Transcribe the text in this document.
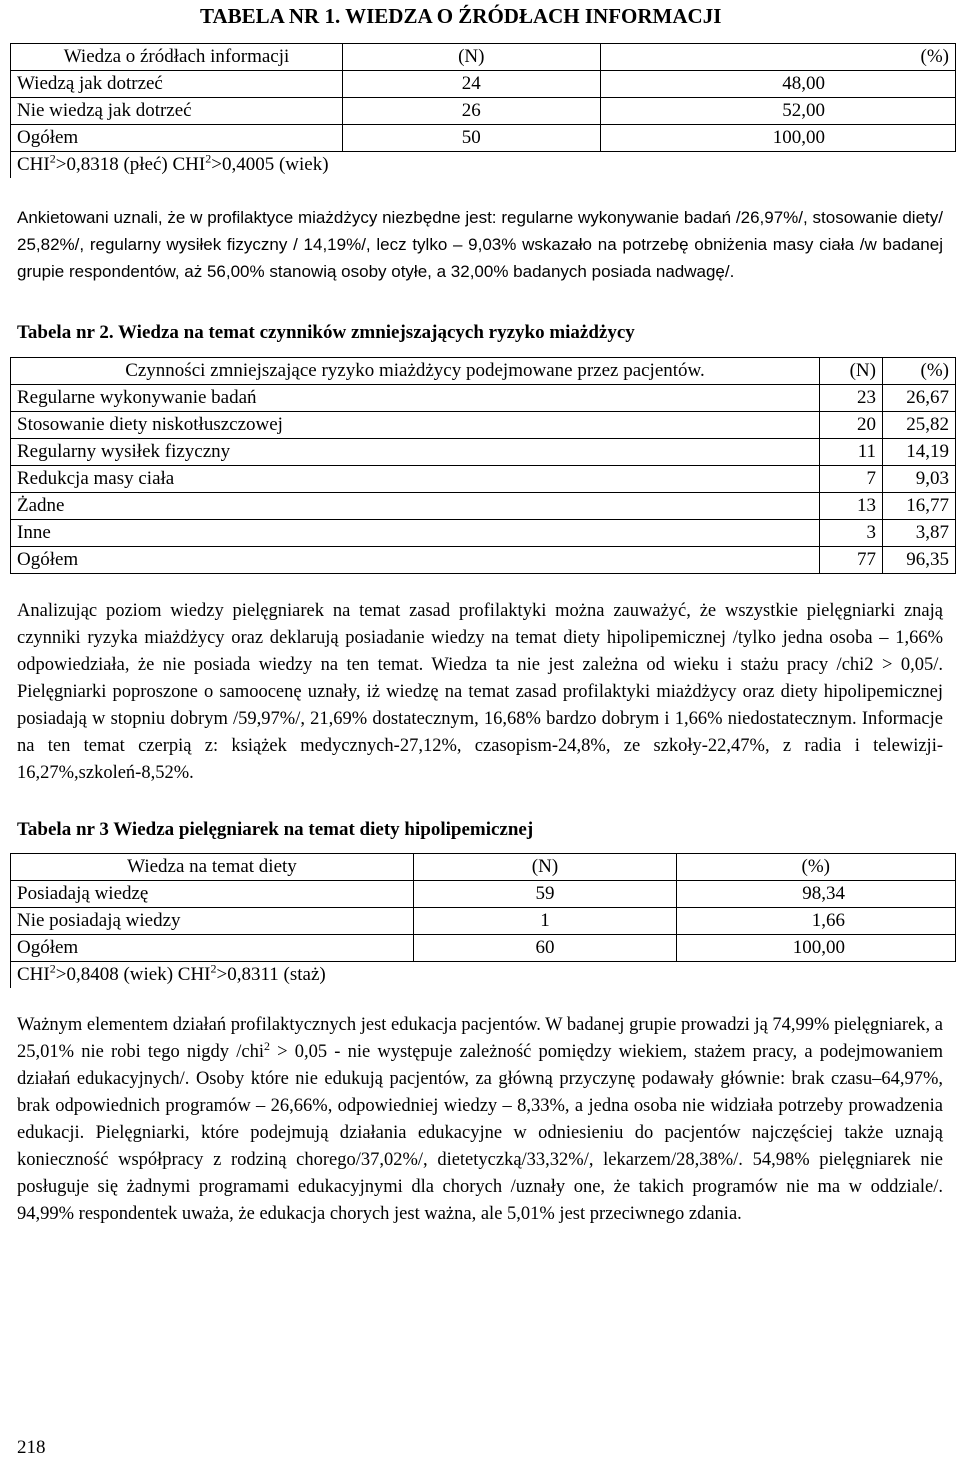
TABELA NR 1. WIEDZA O ŹRÓDŁACH INFORMACJI
Wiedza o źródłach informacji	(N)	(%)
Wiedzą jak dotrzeć	24	48,00
Nie wiedzą jak dotrzeć	26	52,00
Ogółem	50	100,00
$CHI^2>0,8318$ (płeć) $CHI^2>0,4005$ (wiek)		
Ankietowani uznali, że w profilaktyce miażdżycy niezbędne jest: regularne wykonywanie badań /26,97%/, stosowanie diety/ 25,82%/, regularny wysiłek fizyczny / 14,19%/, lecz tylko – 9,03% wskazało na potrzebę obniżenia masy ciała /w badanej grupie respondentów, aż 56,00% stanowią osoby otyłe, a 32,00% badanych posiada nadwagę/.
Tabela nr 2. Wiedza na temat czynników zmniejszających ryzyko miażdżycy
Czynności zmniejszające ryzyko miażdżycy podejmowane przez pacjentów.	(N)	(%)
Regularne wykonywanie badań	23	26,67
Stosowanie diety niskotłuszczowej	20	25,82
Regularny wysiłek fizyczny	11	14,19
Redukcja masy ciała	7	9,03
Żadne	13	16,77
Inne	3	3,87
Ogółem	77	96,35
Analizując poziom wiedzy pielęgniarek na temat zasad profilaktyki można zauważyć, że wszystkie pielęgniarki znają czynniki ryzyka miażdżycy oraz deklarują posiadanie wiedzy na temat diety hipolipemicznej /tylko jedna osoba – 1,66% odpowiedziała, że nie posiada wiedzy na ten temat. Wiedza ta nie jest zależna od wieku i stażu pracy /chi2 > 0,05/. Pielęgniarki poproszone o samoocenę uznały, iż wiedzę na temat zasad profilaktyki miażdżycy oraz diety hipolipemicznej posiadają w stopniu dobrym /59,97%/, 21,69% dostatecznym, 16,68% bardzo dobrym i 1,66% niedostatecznym. Informacje na ten temat czerpią z: książek medycznych-27,12%, czasopism-24,8%, ze szkoły-22,47%, z radia i telewizji-16,27%,szkoleń-8,52%.
Tabela nr 3 Wiedza pielęgniarek na temat diety hipolipemicznej
Wiedza na temat diety	(N)	(%)
Posiadają wiedzę	59	98,34
Nie posiadają wiedzy	1	1,66
Ogółem	60	100,00
$CHI^2>0,8408$ (wiek) $CHI^2>0,8311$ (staż)		
Ważnym elementem działań profilaktycznych jest edukacja pacjentów. W badanej grupie prowadzi ją 74,99% pielęgniarek, a 25,01% nie robi tego nigdy /chi$^2$ > 0,05 - nie występuje zależność pomiędzy wiekiem, stażem pracy, a podejmowaniem działań edukacyjnych/. Osoby które nie edukują pacjentów, za główną przyczynę podawały głównie: brak czasu–64,97%, brak odpowiednich programów – 26,66%, odpowiedniej wiedzy – 8,33%, a jedna osoba nie widziała potrzeby prowadzenia edukacji. Pielęgniarki, które podejmują działania edukacyjne w odniesieniu do pacjentów najczęściej także uznają konieczność współpracy z rodziną chorego/37,02%/, dietetyczką/33,32%/, lekarzem/28,38%/. 54,98% pielęgniarek nie posługuje się żadnymi programami edukacyjnymi dla chorych /uznały one, że takich programów nie ma w oddziale/. 94,99% respondentek uważa, że edukacja chorych jest ważna, ale 5,01% jest przeciwnego zdania.
218
